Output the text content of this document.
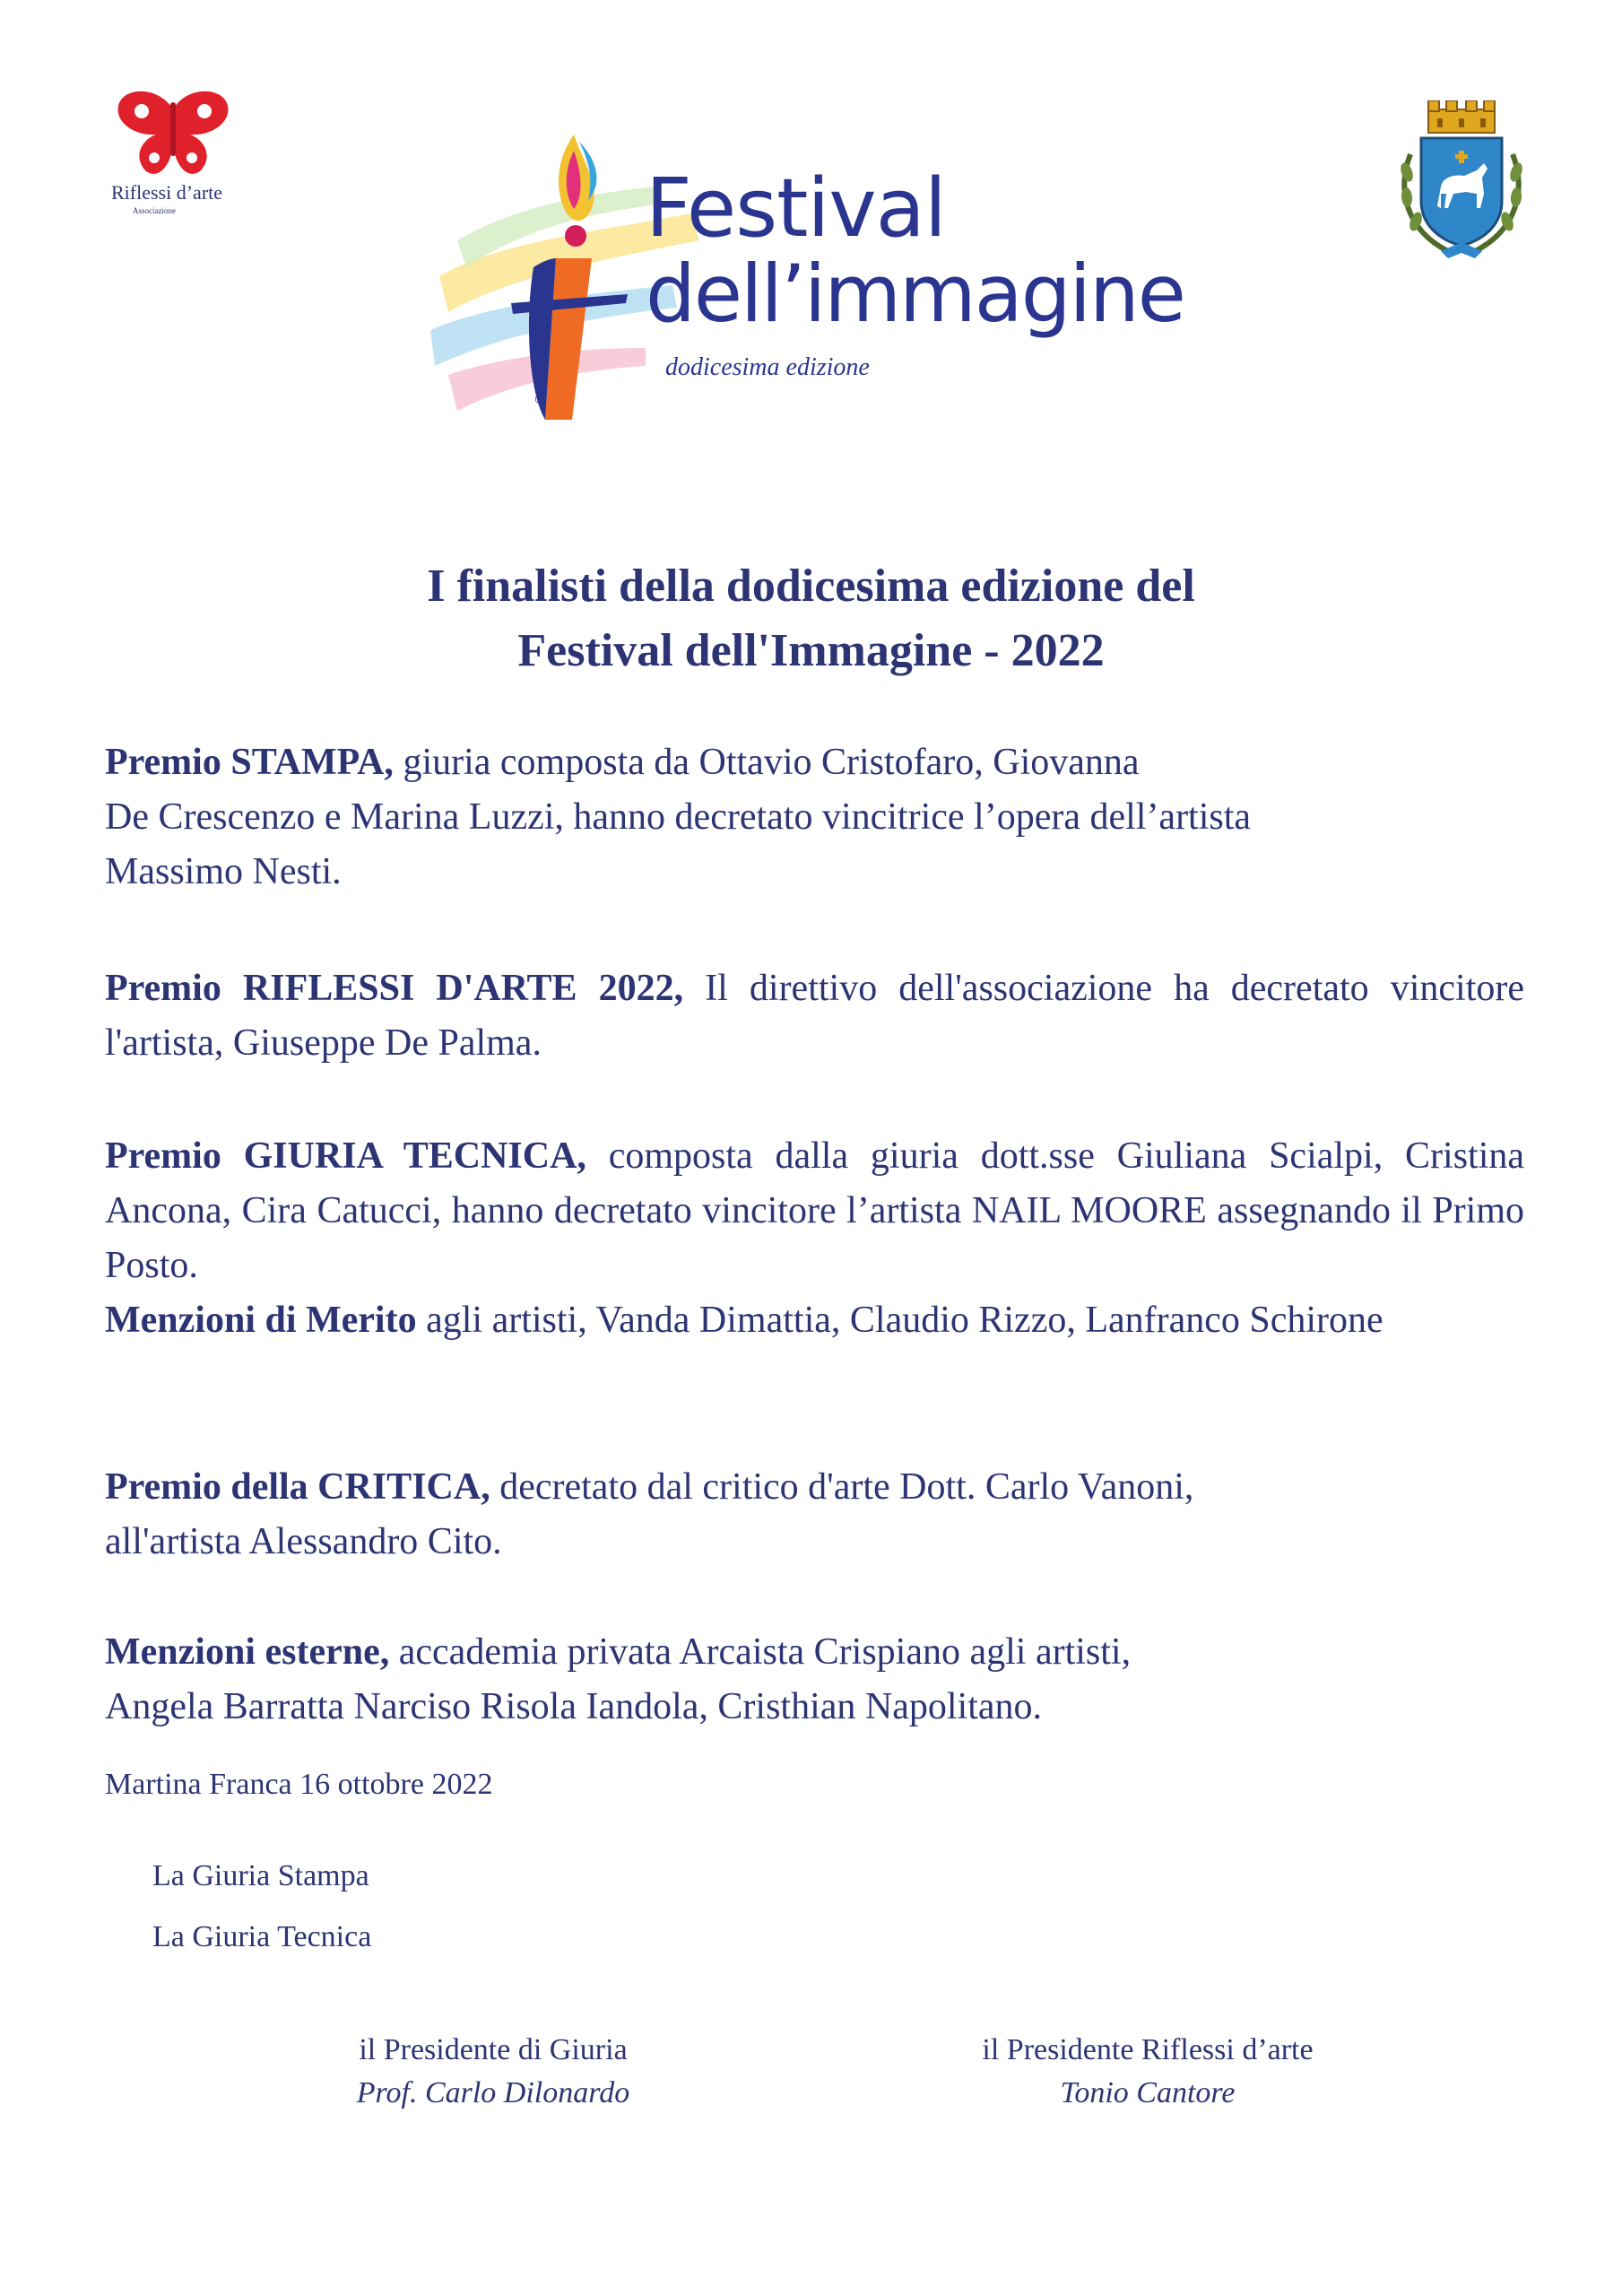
Riflessi d’arte
Associazione
©
Festival
dell’immagine
dodicesima edizione
I finalisti della dodicesima edizione del
Festival dell'Immagine - 2022

Premio STAMPA, giuria composta da Ottavio Cristofaro, Giovanna
De Crescenzo e Marina Luzzi, hanno decretato vincitrice l’opera dell’artista
Massimo Nesti.

Premio RIFLESSI D'ARTE 2022, Il direttivo dell'associazione ha decretato vincitore l'artista, Giuseppe De Palma.

Premio GIURIA TECNICA, composta dalla giuria dott.sse Giuliana Scialpi, Cristina Ancona, Cira Catucci, hanno decretato vincitore l’artista NAIL MOORE assegnando il Primo Posto.

Menzioni di Merito agli artisti, Vanda Dimattia, Claudio Rizzo, Lanfranco Schirone

Premio della CRITICA, decretato dal critico d'arte Dott. Carlo Vanoni,
all'artista Alessandro Cito.

Menzioni esterne, accademia privata Arcaista Crispiano agli artisti,
Angela Barratta Narciso Risola Iandola, Cristhian Napolitano.

Martina Franca 16 ottobre 2022
La Giuria Stampa
La Giuria Tecnica
il Presidente di Giuria
Prof. Carlo Dilonardo
il Presidente Riflessi d’arte
Tonio Cantore
